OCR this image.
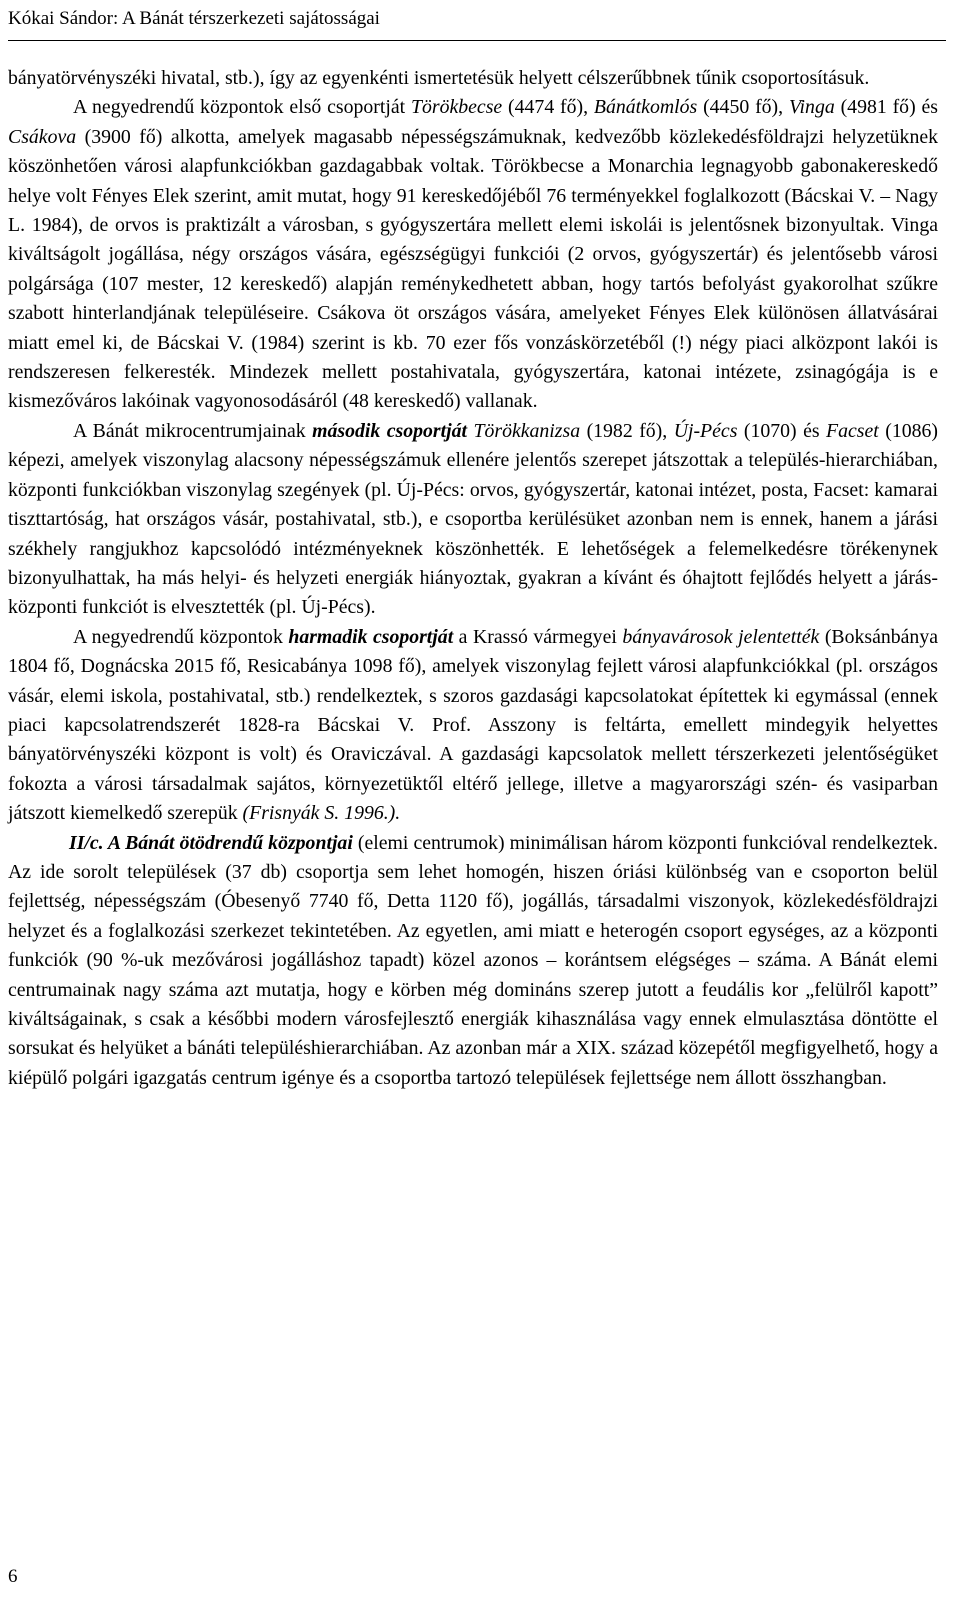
Kókai Sándor: A Bánát térszerkezeti sajátosságai

bányatörvényszéki hivatal, stb.), így az egyenkénti ismertetésük helyett célszerűbbnek tűnik csoportosításuk.

A negyedrendű központok első csoportját Törökbecse (4474 fő), Bánátkomlós (4450 fő), Vinga (4981 fő) és Csákova (3900 fő) alkotta, amelyek magasabb népességszámuknak, kedvezőbb közlekedésföldrajzi helyzetüknek köszönhetően városi alapfunkciókban gazdagabbak voltak. Törökbecse a Monarchia legnagyobb gabonakereskedő helye volt Fényes Elek szerint, amit mutat, hogy 91 kereskedőjéből 76 terményekkel foglalkozott (Bácskai V. – Nagy L. 1984), de orvos is praktizált a városban, s gyógyszertára mellett elemi iskolái is jelentősnek bizonyultak. Vinga kiváltságolt jogállása, négy országos vására, egészségügyi funkciói (2 orvos, gyógyszertár) és jelentősebb városi polgársága (107 mester, 12 kereskedő) alapján reménykedhetett abban, hogy tartós befolyást gyakorolhat szűkre szabott hinterlandjának településeire. Csákova öt országos vására, amelyeket Fényes Elek különösen állatvásárai miatt emel ki, de Bácskai V. (1984) szerint is kb. 70 ezer fős vonzáskörzetéből (!) négy piaci alközpont lakói is rendszeresen felkeresték. Mindezek mellett postahivatala, gyógyszertára, katonai intézete, zsinagógája is e kismezőváros lakóinak vagyonosodásáról (48 kereskedő) vallanak.

A Bánát mikrocentrumjainak második csoportját Törökkanizsa (1982 fő), Új-Pécs (1070) és Facset (1086) képezi, amelyek viszonylag alacsony népességszámuk ellenére jelentős szerepet játszottak a település-hierarchiában, központi funkciókban viszonylag szegények (pl. Új-Pécs: orvos, gyógyszertár, katonai intézet, posta, Facset: kamarai tiszttartóság, hat országos vásár, postahivatal, stb.), e csoportba kerülésüket azonban nem is ennek, hanem a járási székhely rangjukhoz kapcsolódó intézményeknek köszönhették. E lehetőségek a felemelkedésre törékenynek bizonyulhattak, ha más helyi- és helyzeti energiák hiányoztak, gyakran a kívánt és óhajtott fejlődés helyett a járás-központi funkciót is elvesztették (pl. Új-Pécs).

A negyedrendű központok harmadik csoportját a Krassó vármegyei bányavárosok jelentették (Boksánbánya 1804 fő, Dognácska 2015 fő, Resicabánya 1098 fő), amelyek viszonylag fejlett városi alapfunkciókkal (pl. országos vásár, elemi iskola, postahivatal, stb.) rendelkeztek, s szoros gazdasági kapcsolatokat építettek ki egymással (ennek piaci kapcsolatrendszerét 1828-ra Bácskai V. Prof. Asszony is feltárta, emellett mindegyik helyettes bányatörvényszéki központ is volt) és Oraviczával. A gazdasági kapcsolatok mellett térszerkezeti jelentőségüket fokozta a városi társadalmak sajátos, környezetüktől eltérő jellege, illetve a magyarországi szén- és vasiparban játszott kiemelkedő szerepük (Frisnyák S. 1996.).

II/c. A Bánát ötödrendű központjai (elemi centrumok) minimálisan három központi funkcióval rendelkeztek. Az ide sorolt települések (37 db) csoportja sem lehet homogén, hiszen óriási különbség van e csoporton belül fejlettség, népességszám (Óbesenyő 7740 fő, Detta 1120 fő), jogállás, társadalmi viszonyok, közlekedésföldrajzi helyzet és a foglalkozási szerkezet tekintetében. Az egyetlen, ami miatt e heterogén csoport egységes, az a központi funkciók (90 %-uk mezővárosi jogálláshoz tapadt) közel azonos – korántsem elégséges – száma. A Bánát elemi centrumainak nagy száma azt mutatja, hogy e körben még domináns szerep jutott a feudális kor „felülről kapott” kiváltságainak, s csak a későbbi modern városfejlesztő energiák kihasználása vagy ennek elmulasztása döntötte el sorsukat és helyüket a bánáti településhierarchiában. Az azonban már a XIX. század közepétől megfigyelhető, hogy a kiépülő polgári igazgatás centrum igénye és a csoportba tartozó települések fejlettsége nem állott összhangban.

6
